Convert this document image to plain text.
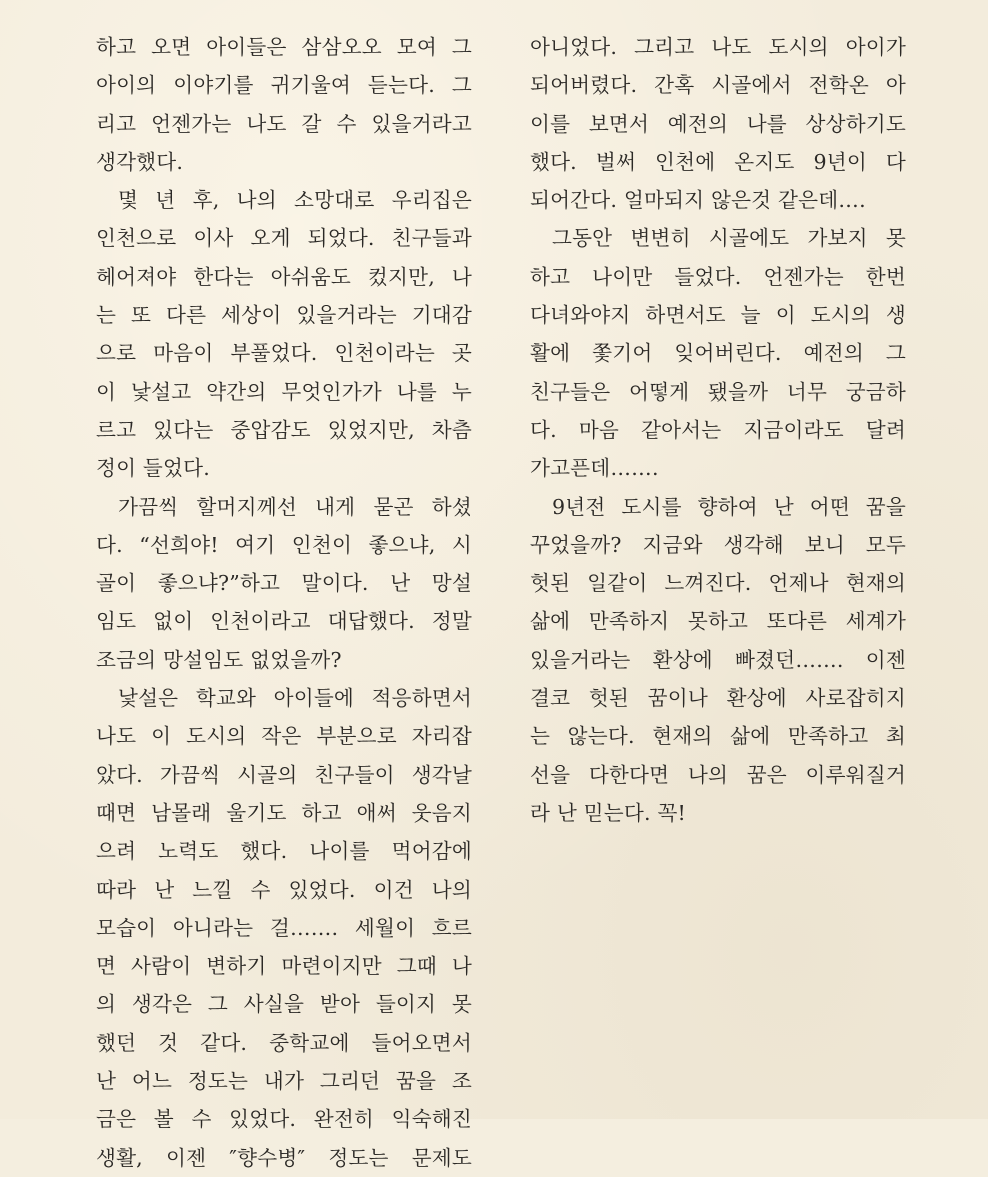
하고 오면 아이들은 삼삼오오 모여 그
아이의 이야기를 귀기울여 듣는다. 그
리고 언젠가는 나도 갈 수 있을거라고
생각했다.
몇 년 후, 나의 소망대로 우리집은
인천으로 이사 오게 되었다. 친구들과
헤어져야 한다는 아쉬움도 컸지만, 나
는 또 다른 세상이 있을거라는 기대감
으로 마음이 부풀었다. 인천이라는 곳
이 낯설고 약간의 무엇인가가 나를 누
르고 있다는 중압감도 있었지만, 차츰
정이 들었다.
가끔씩 할머지께선 내게 묻곤 하셨
다. “선희야! 여기 인천이 좋으냐, 시
골이 좋으냐?”하고 말이다. 난 망설
임도 없이 인천이라고 대답했다. 정말
조금의 망설임도 없었을까?
낯설은 학교와 아이들에 적응하면서
나도 이 도시의 작은 부분으로 자리잡
았다. 가끔씩 시골의 친구들이 생각날
때면 남몰래 울기도 하고 애써 웃음지
으려 노력도 했다. 나이를 먹어감에
따라 난 느낄 수 있었다. 이건 나의
모습이 아니라는 걸……. 세월이 흐르
면 사람이 변하기 마련이지만 그때 나
의 생각은 그 사실을 받아 들이지 못
했던 것 같다. 중학교에 들어오면서
난 어느 정도는 내가 그리던 꿈을 조
금은 볼 수 있었다. 완전히 익숙해진
생활, 이젠 ″향수병″ 정도는 문제도
아니었다. 그리고 나도 도시의 아이가
되어버렸다. 간혹 시골에서 전학온 아
이를 보면서 예전의 나를 상상하기도
했다. 벌써 인천에 온지도 9년이 다
되어간다. 얼마되지 않은것 같은데….
그동안 변변히 시골에도 가보지 못
하고 나이만 들었다. 언젠가는 한번
다녀와야지 하면서도 늘 이 도시의 생
활에 쫓기어 잊어버린다. 예전의 그
친구들은 어떻게 됐을까 너무 궁금하
다. 마음 같아서는 지금이라도 달려
가고픈데…….
9년전 도시를 향하여 난 어떤 꿈을
꾸었을까? 지금와 생각해 보니 모두
헛된 일같이 느껴진다. 언제나 현재의
삶에 만족하지 못하고 또다른 세계가
있을거라는 환상에 빠졌던……. 이젠
결코 헛된 꿈이나 환상에 사로잡히지
는 않는다. 현재의 삶에 만족하고 최
선을 다한다면 나의 꿈은 이루워질거
라 난 믿는다. 꼭!
